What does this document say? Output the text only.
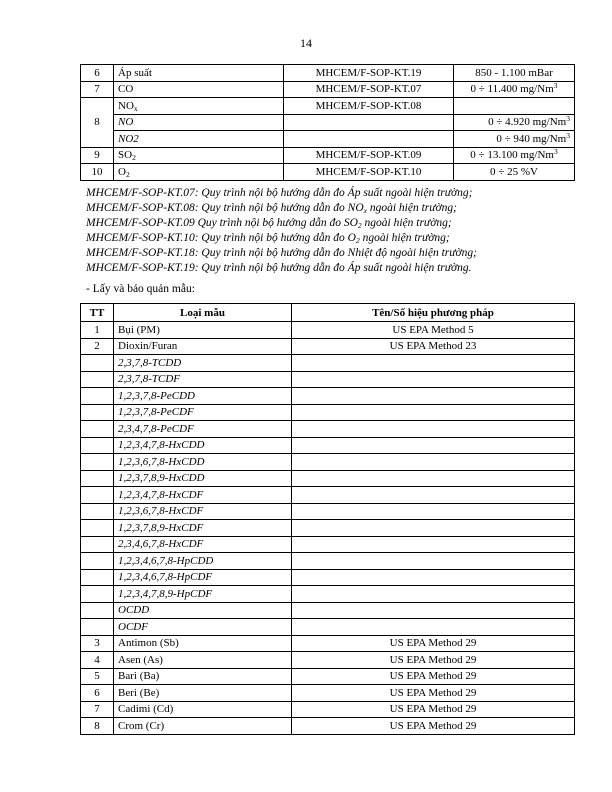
14
6	Áp suất	MHCEM/F-SOP-KT.19	850 - 1.100 mBar
7	CO	MHCEM/F-SOP-KT.07	0 ÷ 11.400 mg/Nm$^3$
8	$NO_x$	MHCEM/F-SOP-KT.08	
	NO		0 ÷ 4.920 mg/Nm$^3$
	NO2		0 ÷ 940 mg/Nm$^3$
9	$SO_2$	MHCEM/F-SOP-KT.09	0 ÷ 13.100 mg/Nm$^3$
10	$O_2$	MHCEM/F-SOP-KT.10	0 ÷ 25 %V
MHCEM/F-SOP-KT.07: Quy trình nội bộ hướng dẫn đo Áp suất ngoài hiện trường;
MHCEM/F-SOP-KT.08: Quy trình nội bộ hướng dẫn đo $NO_x$ ngoài hiện trường;
MHCEM/F-SOP-KT.09 Quy trình nội bộ hướng dẫn đo $SO_2$ ngoài hiện trường;
MHCEM/F-SOP-KT.10: Quy trình nội bộ hướng dẫn đo $O_2$ ngoài hiện trường;
MHCEM/F-SOP-KT.18: Quy trình nội bộ hướng dẫn đo Nhiệt độ ngoài hiện trường;
MHCEM/F-SOP-KT.19: Quy trình nội bộ hướng dẫn đo Áp suất ngoài hiện trường.
- Lấy và bảo quản mẫu:
TT	Loại mẫu	Tên/Số hiệu phương pháp
1	Bụi (PM)	US EPA Method 5
2	Dioxin/Furan	US EPA Method 23
	2,3,7,8-TCDD	
	2,3,7,8-TCDF	
	1,2,3,7,8-PeCDD	
	1,2,3,7,8-PeCDF	
	2,3,4,7,8-PeCDF	
	1,2,3,4,7,8-HxCDD	
	1,2,3,6,7,8-HxCDD	
	1,2,3,7,8,9-HxCDD	
	1,2,3,4,7,8-HxCDF	
	1,2,3,6,7,8-HxCDF	
	1,2,3,7,8,9-HxCDF	
	2,3,4,6,7,8-HxCDF	
	1,2,3,4,6,7,8-HpCDD	
	1,2,3,4,6,7,8-HpCDF	
	1,2,3,4,7,8,9-HpCDF	
	OCDD	
	OCDF	
3	Antimon (Sb)	US EPA Method 29
4	Asen (As)	US EPA Method 29
5	Bari (Ba)	US EPA Method 29
6	Beri (Be)	US EPA Method 29
7	Cadimi (Cd)	US EPA Method 29
8	Crom (Cr)	US EPA Method 29
